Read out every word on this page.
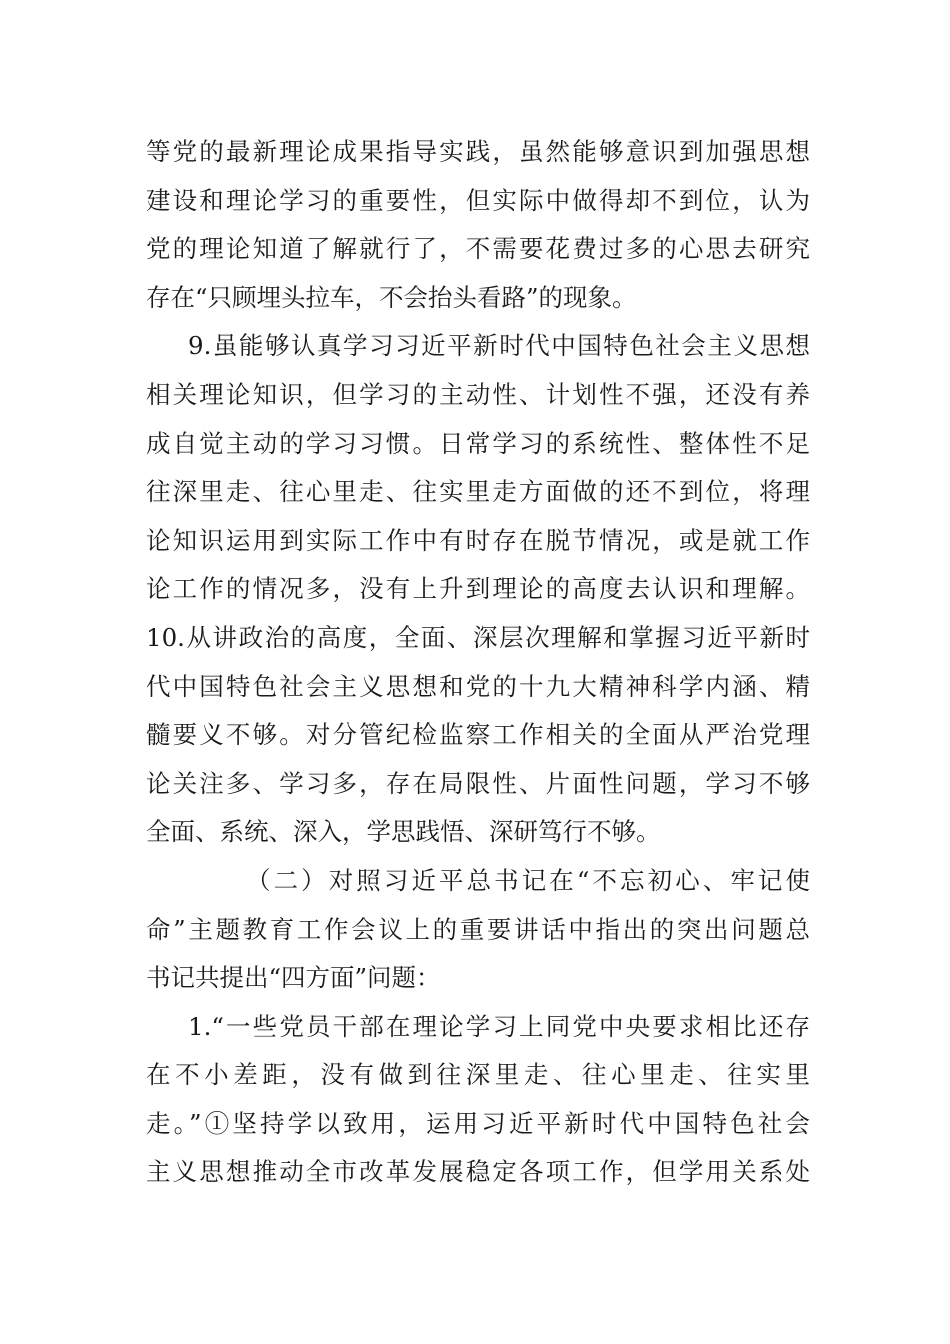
等党的最新理论成果指导实践，虽然能够意识到加强思想
建设和理论学习的重要性，但实际中做得却不到位，认为
党的理论知道了解就行了，不需要花费过多的心思去研究
存在“只顾埋头拉车，不会抬头看路”的现象。
9.虽能够认真学习习近平新时代中国特色社会主义思想
相关理论知识，但学习的主动性、计划性不强，还没有养
成自觉主动的学习习惯。日常学习的系统性、整体性不足
往深里走、往心里走、往实里走方面做的还不到位，将理
论知识运用到实际工作中有时存在脱节情况，或是就工作
论工作的情况多，没有上升到理论的高度去认识和理解。
10.从讲政治的高度，全面、深层次理解和掌握习近平新时
代中国特色社会主义思想和党的十九大精神科学内涵、精
髓要义不够。对分管纪检监察工作相关的全面从严治党理
论关注多、学习多，存在局限性、片面性问题，学习不够
全面、系统、深入，学思践悟、深研笃行不够。
（二）对照习近平总书记在“不忘初心、牢记使
命”主题教育工作会议上的重要讲话中指出的突出问题总
书记共提出“四方面”问题：
1.“一些党员干部在理论学习上同党中央要求相比还存
在不小差距，没有做到往深里走、往心里走、往实里
走。”①坚持学以致用，运用习近平新时代中国特色社会
主义思想推动全市改革发展稳定各项工作，但学用关系处
